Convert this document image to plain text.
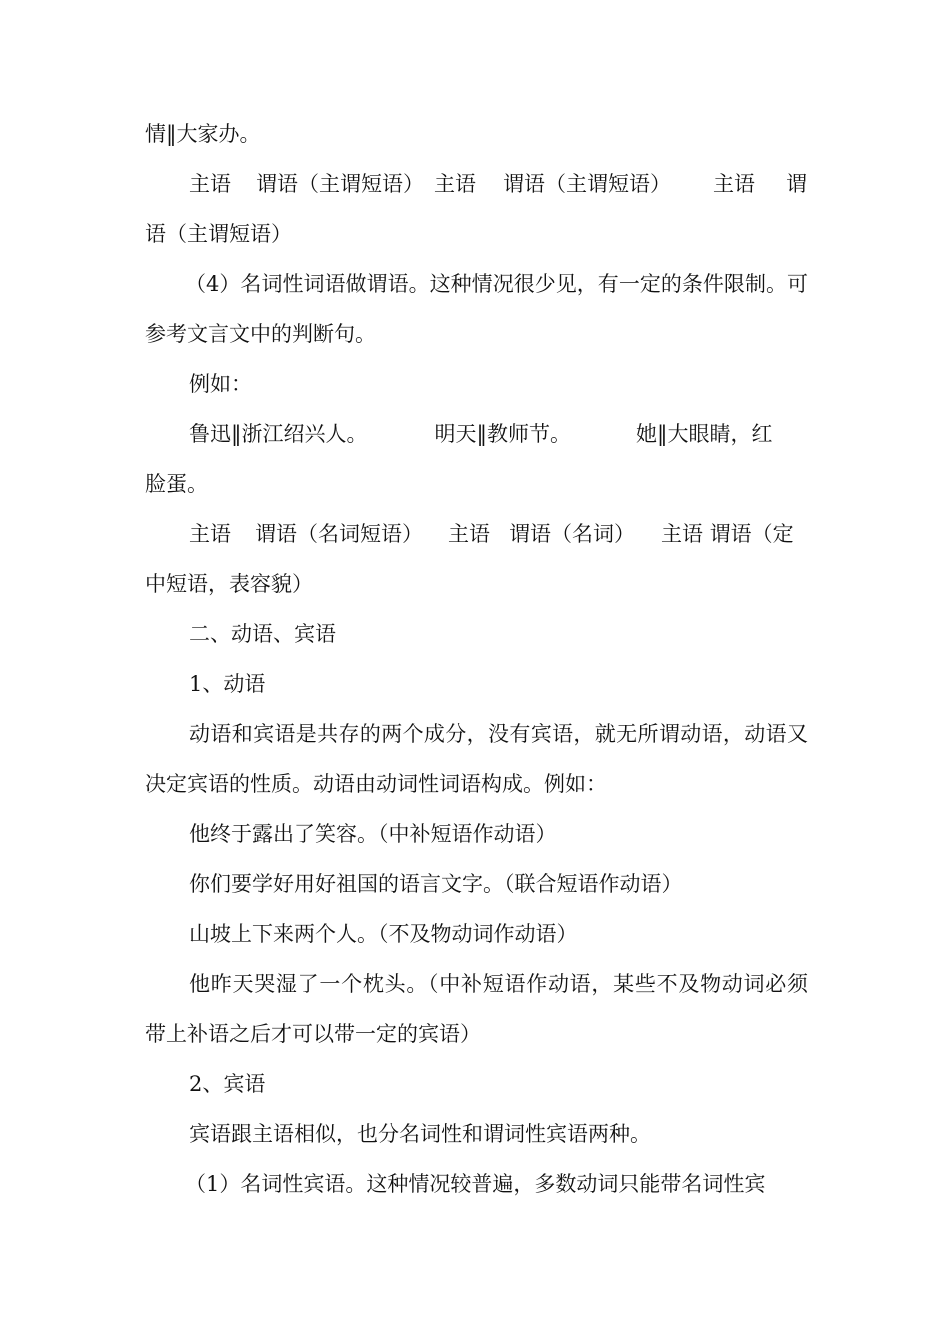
情‖大家办。

主语 谓语（主谓短语） 主语 谓语（主谓短语） 主语 谓

语（主谓短语）

（4）名词性词语做谓语。这种情况很少见，有一定的条件限制。可参考文言文中的判断句。

例如：

鲁迅‖浙江绍兴人。	明天‖教师节。	她‖大眼睛，红

脸蛋。

主语 谓语（名词短语） 主语 谓语（名词） 主语 谓语（定

中短语，表容貌）

二、动语、宾语

1、动语

动语和宾语是共存的两个成分，没有宾语，就无所谓动语，动语又决定宾语的性质。动语由动词性词语构成。例如：

他终于露出了笑容。（中补短语作动语）

你们要学好用好祖国的语言文字。（联合短语作动语）

山坡上下来两个人。（不及物动词作动语）

他昨天哭湿了一个枕头。（中补短语作动语，某些不及物动词必须带上补语之后才可以带一定的宾语）

2、宾语

宾语跟主语相似，也分名词性和谓词性宾语两种。

（1）名词性宾语。这种情况较普遍，多数动词只能带名词性宾
